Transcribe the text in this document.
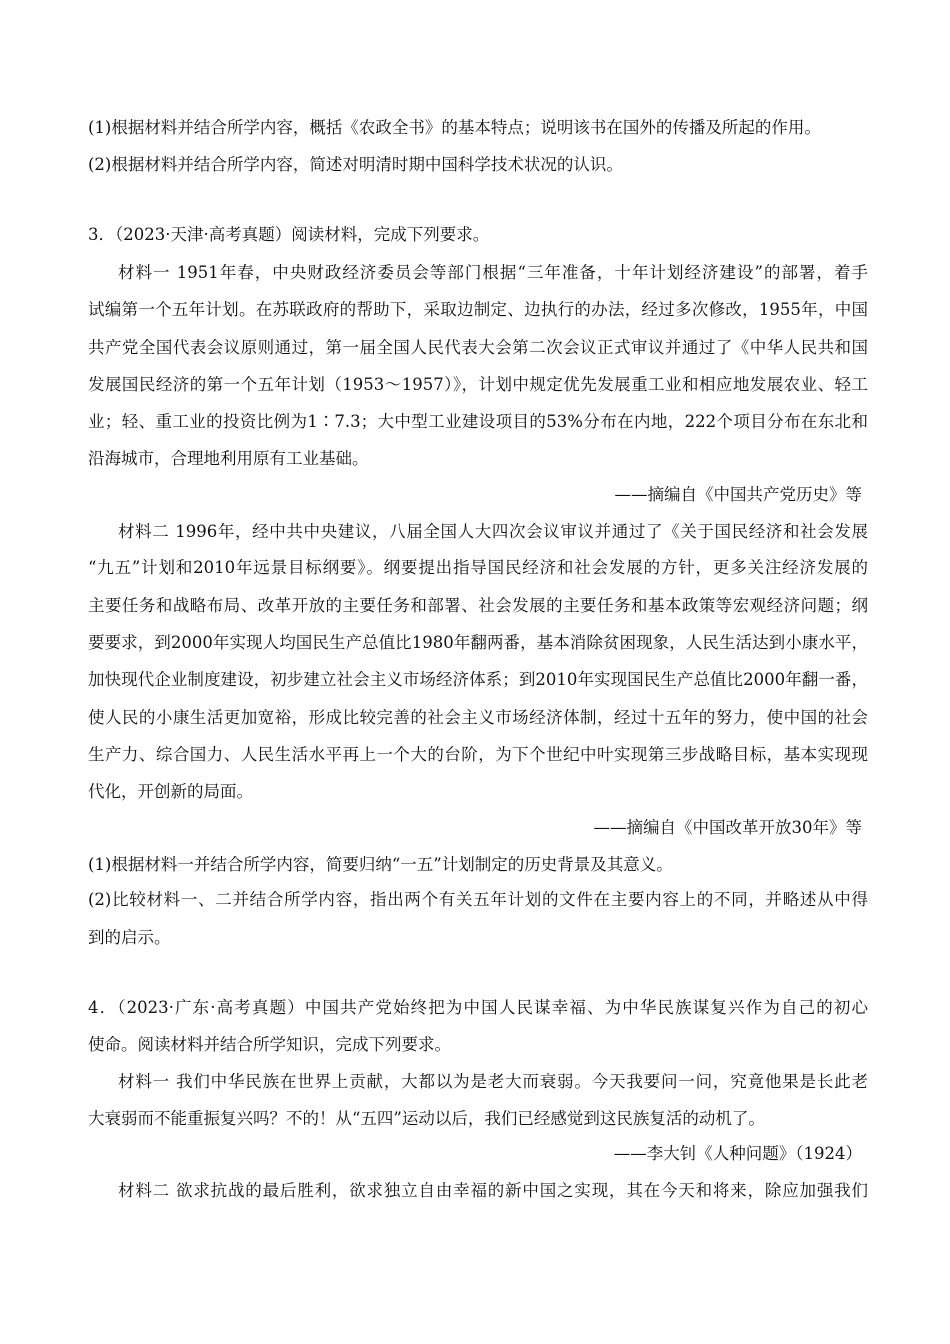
(1)根据材料并结合所学内容，概括《农政全书》的基本特点；说明该书在国外的传播及所起的作用。
(2)根据材料并结合所学内容，简述对明清时期中国科学技术状况的认识。
3．（2023·天津·高考真题）阅读材料，完成下列要求。
材料一 1951年春，中央财政经济委员会等部门根据“三年准备，十年计划经济建设”的部署，着手
试编第一个五年计划。在苏联政府的帮助下，采取边制定、边执行的办法，经过多次修改，1955年，中国
共产党全国代表会议原则通过，第一届全国人民代表大会第二次会议正式审议并通过了《中华人民共和国
发展国民经济的第一个五年计划（1953～1957）》，计划中规定优先发展重工业和相应地发展农业、轻工
业；轻、重工业的投资比例为1∶7.3；大中型工业建设项目的53%分布在内地，222个项目分布在东北和
沿海城市，合理地利用原有工业基础。
——摘编自《中国共产党历史》等
材料二 1996年，经中共中央建议，八届全国人大四次会议审议并通过了《关于国民经济和社会发展
“九五”计划和2010年远景目标纲要》。纲要提出指导国民经济和社会发展的方针，更多关注经济发展的
主要任务和战略布局、改革开放的主要任务和部署、社会发展的主要任务和基本政策等宏观经济问题；纲
要要求，到2000年实现人均国民生产总值比1980年翻两番，基本消除贫困现象，人民生活达到小康水平，
加快现代企业制度建设，初步建立社会主义市场经济体系；到2010年实现国民生产总值比2000年翻一番，
使人民的小康生活更加宽裕，形成比较完善的社会主义市场经济体制，经过十五年的努力，使中国的社会
生产力、综合国力、人民生活水平再上一个大的台阶，为下个世纪中叶实现第三步战略目标，基本实现现
代化，开创新的局面。
——摘编自《中国改革开放30年》等
(1)根据材料一并结合所学内容，简要归纳“一五”计划制定的历史背景及其意义。
(2)比较材料一、二并结合所学内容，指出两个有关五年计划的文件在主要内容上的不同，并略述从中得
到的启示。
4．（2023·广东·高考真题）中国共产党始终把为中国人民谋幸福、为中华民族谋复兴作为自己的初心
使命。阅读材料并结合所学知识，完成下列要求。
材料一 我们中华民族在世界上贡献，大都以为是老大而衰弱。今天我要问一问，究竟他果是长此老
大衰弱而不能重振复兴吗？不的！从“五四”运动以后，我们已经感觉到这民族复活的动机了。
——李大钊《人种问题》（1924）
材料二 欲求抗战的最后胜利，欲求独立自由幸福的新中国之实现，其在今天和将来，除应加强我们
